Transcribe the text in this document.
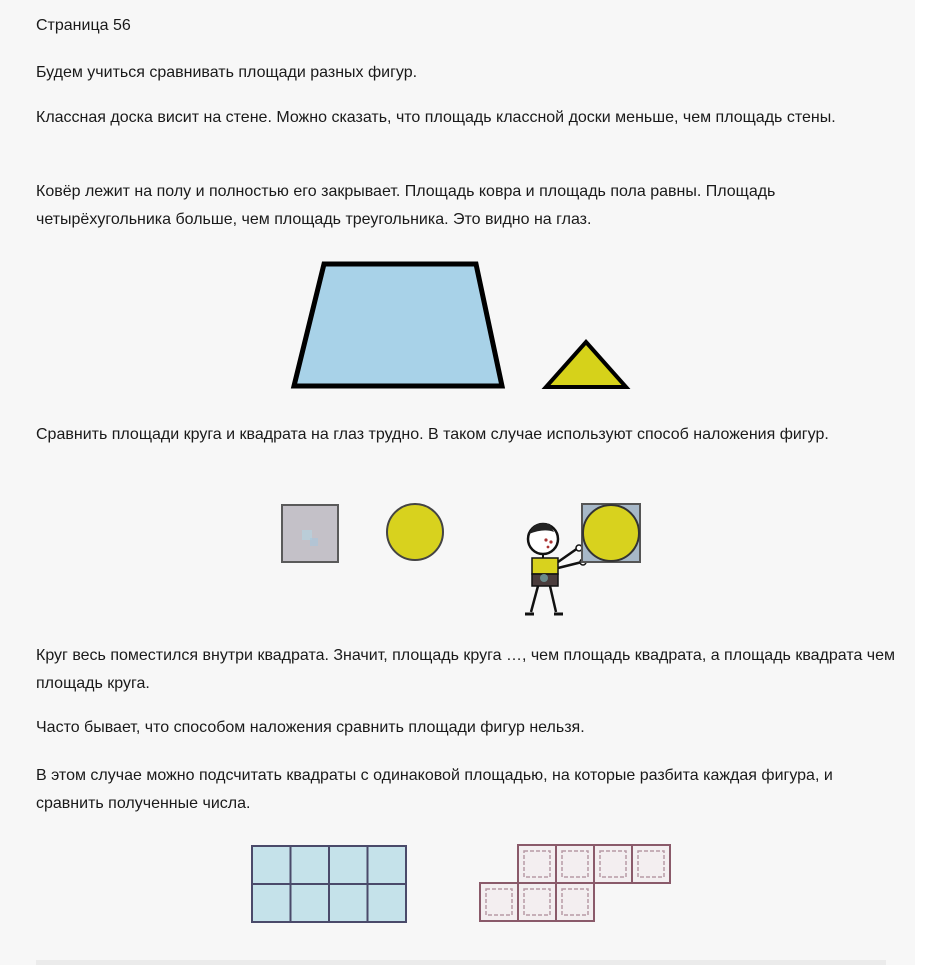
Страница 56

Будем учиться сравнивать площади разных фигур.

Классная доска висит на стене. Можно сказать, что площадь классной доски меньше, чем площадь стены.

Ковёр лежит на полу и полностью его закрывает. Площадь ковра и площадь пола равны. Площадь четырёхугольника больше, чем площадь треугольника. Это видно на глаз.

Сравнить площади круга и квадрата на глаз трудно. В таком случае используют способ наложения фигур.

Круг весь поместился внутри квадрата. Значит, площадь круга …, чем площадь квадрата, а площадь квадрата чем площадь круга.

Часто бывает, что способом наложения сравнить площади фигур нельзя.

В этом случае можно подсчитать квадраты с одинаковой площадью, на которые разбита каждая фигура, и сравнить полученные числа.
